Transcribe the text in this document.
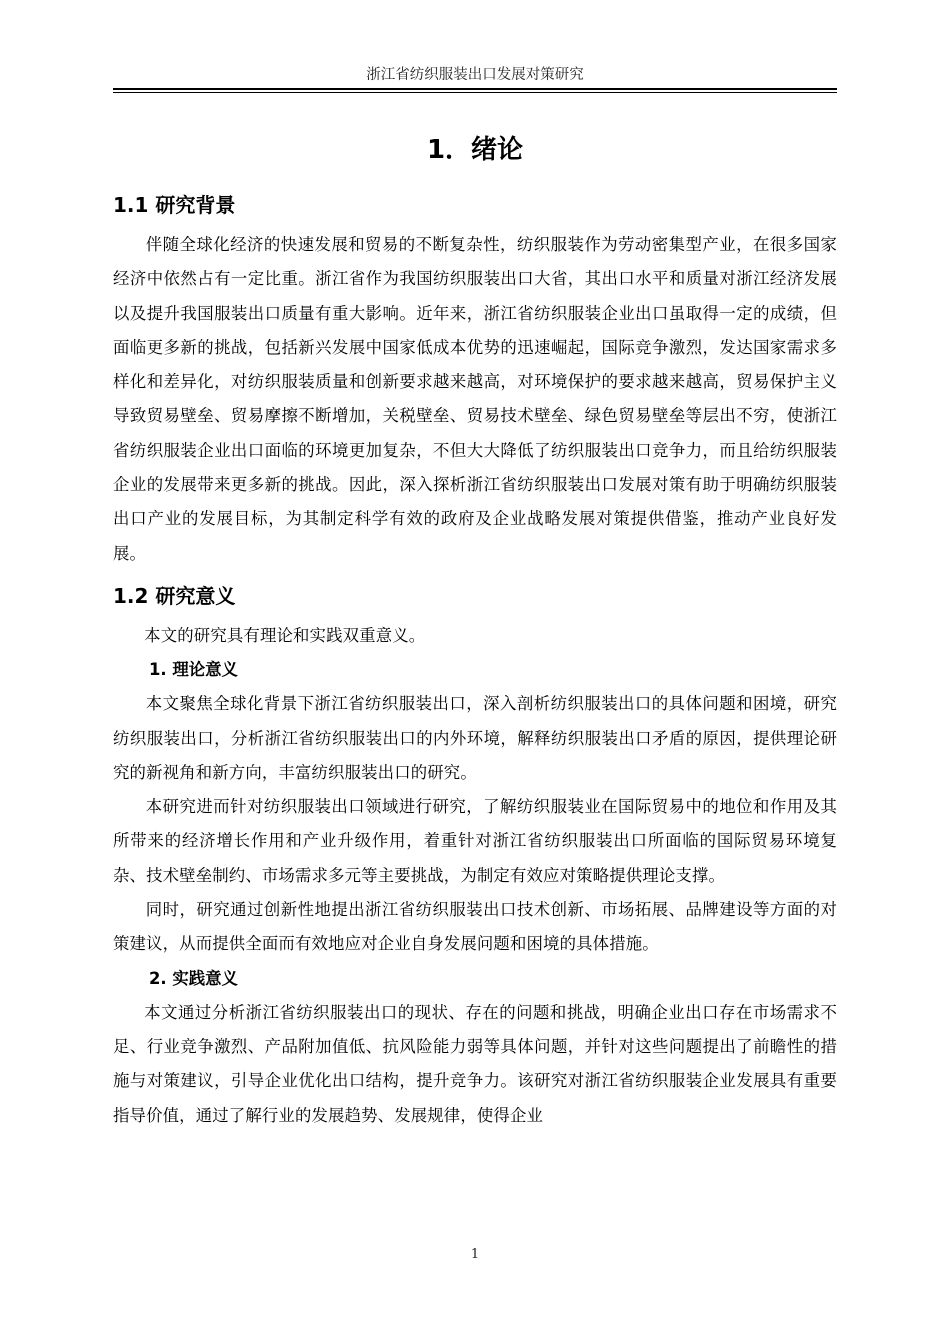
浙江省纺织服装出口发展对策研究
1．绪论
1.1 研究背景

伴随全球化经济的快速发展和贸易的不断复杂性，纺织服装作为劳动密集型产业，在很多国家经济中依然占有一定比重。浙江省作为我国纺织服装出口大省，其出口水平和质量对浙江经济发展以及提升我国服装出口质量有重大影响。近年来，浙江省纺织服装企业出口虽取得一定的成绩，但面临更多新的挑战，包括新兴发展中国家低成本优势的迅速崛起，国际竞争激烈，发达国家需求多样化和差异化，对纺织服装质量和创新要求越来越高，对环境保护的要求越来越高，贸易保护主义导致贸易壁垒、贸易摩擦不断增加，关税壁垒、贸易技术壁垒、绿色贸易壁垒等层出不穷，使浙江省纺织服装企业出口面临的环境更加复杂，不但大大降低了纺织服装出口竞争力，而且给纺织服装企业的发展带来更多新的挑战。因此，深入探析浙江省纺织服装出口发展对策有助于明确纺织服装出口产业的发展目标，为其制定科学有效的政府及企业战略发展对策提供借鉴，推动产业良好发展。

1.2 研究意义

本文的研究具有理论和实践双重意义。

1. 理论意义

本文聚焦全球化背景下浙江省纺织服装出口，深入剖析纺织服装出口的具体问题和困境，研究纺织服装出口，分析浙江省纺织服装出口的内外环境，解释纺织服装出口矛盾的原因，提供理论研究的新视角和新方向，丰富纺织服装出口的研究。

本研究进而针对纺织服装出口领域进行研究，了解纺织服装业在国际贸易中的地位和作用及其所带来的经济增长作用和产业升级作用，着重针对浙江省纺织服装出口所面临的国际贸易环境复杂、技术壁垒制约、市场需求多元等主要挑战，为制定有效应对策略提供理论支撑。

同时，研究通过创新性地提出浙江省纺织服装出口技术创新、市场拓展、品牌建设等方面的对策建议，从而提供全面而有效地应对企业自身发展问题和困境的具体措施。

2. 实践意义

本文通过分析浙江省纺织服装出口的现状、存在的问题和挑战，明确企业出口存在市场需求不足、行业竞争激烈、产品附加值低、抗风险能力弱等具体问题，并针对这些问题提出了前瞻性的措施与对策建议，引导企业优化出口结构，提升竞争力。该研究对浙江省纺织服装企业发展具有重要指导价值，通过了解行业的发展趋势、发展规律，使得企业

1
